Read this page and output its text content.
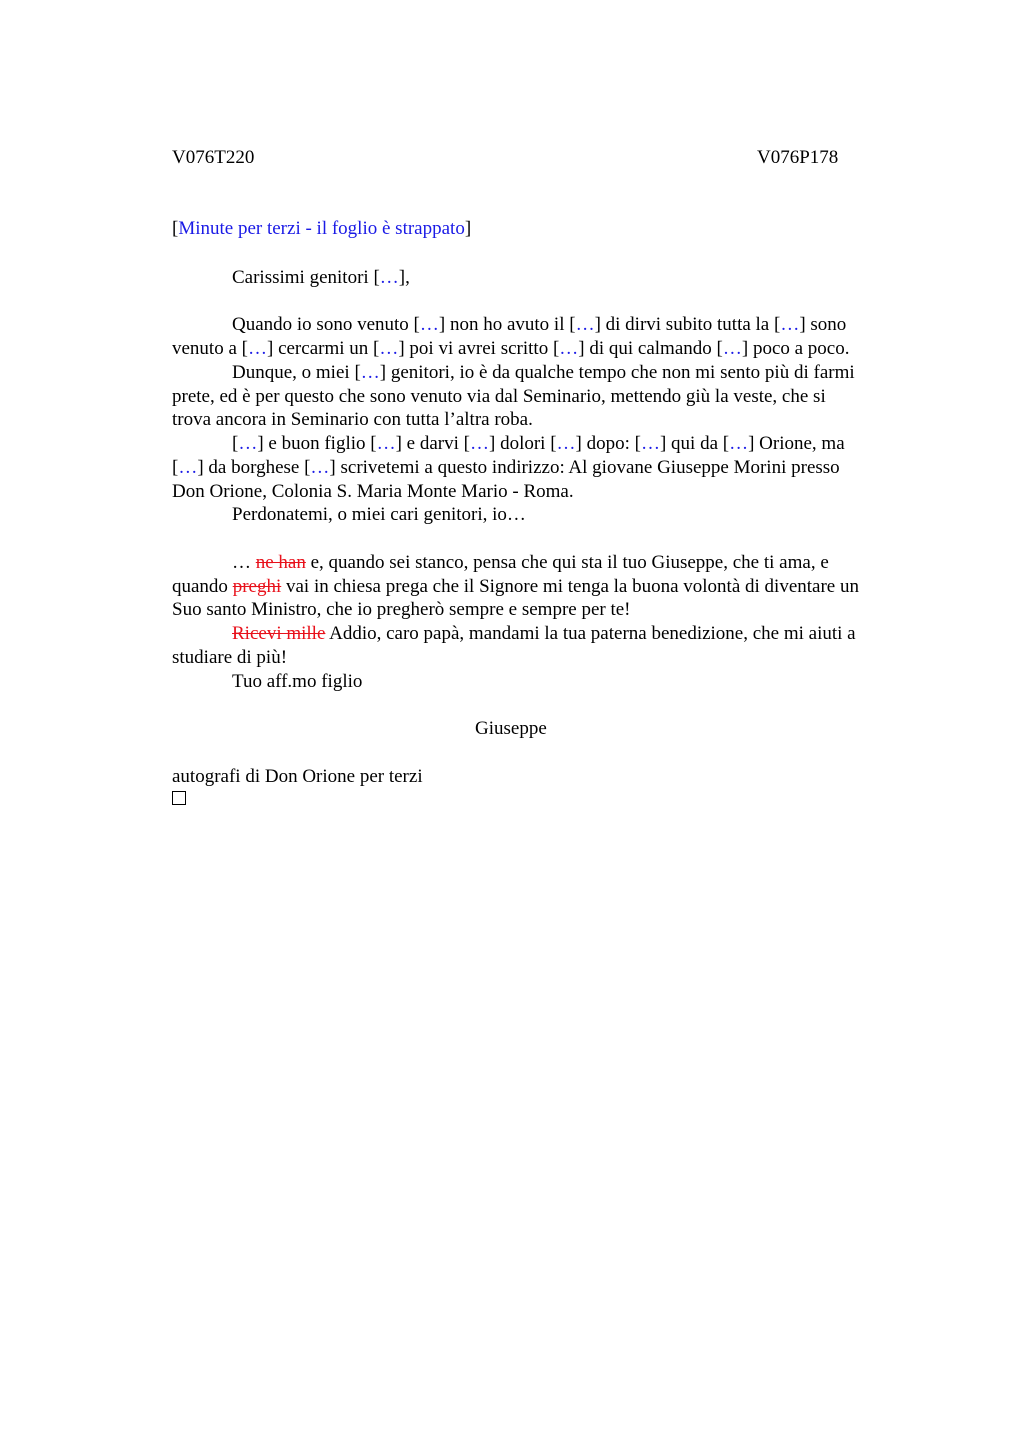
V076T220	V076P178
[Minute per terzi - il foglio è strappato]
Carissimi genitori […],
Quando io sono venuto […] non ho avuto il […] di dirvi subito tutta la […] sono
venuto a […] cercarmi un […] poi vi avrei scritto […] di qui calmando […] poco a poco.
Dunque, o miei […] genitori, io è da qualche tempo che non mi sento più di farmi
prete, ed è per questo che sono venuto via dal Seminario, mettendo giù la veste, che si
trova ancora in Seminario con tutta l’altra roba.
[…] e buon figlio […] e darvi […] dolori […] dopo: […] qui da […] Orione, ma
[…] da borghese […] scrivetemi a questo indirizzo: Al giovane Giuseppe Morini presso
Don Orione, Colonia S. Maria Monte Mario - Roma.
Perdonatemi, o miei cari genitori, io…
… ne han e, quando sei stanco, pensa che qui sta il tuo Giuseppe, che ti ama, e
quando preghi vai in chiesa prega che il Signore mi tenga la buona volontà di diventare un
Suo santo Ministro, che io pregherò sempre e sempre per te!
Ricevi mille Addio, caro papà, mandami la tua paterna benedizione, che mi aiuti a
studiare di più!
Tuo aff.mo figlio
Giuseppe
autografi di Don Orione per terzi
